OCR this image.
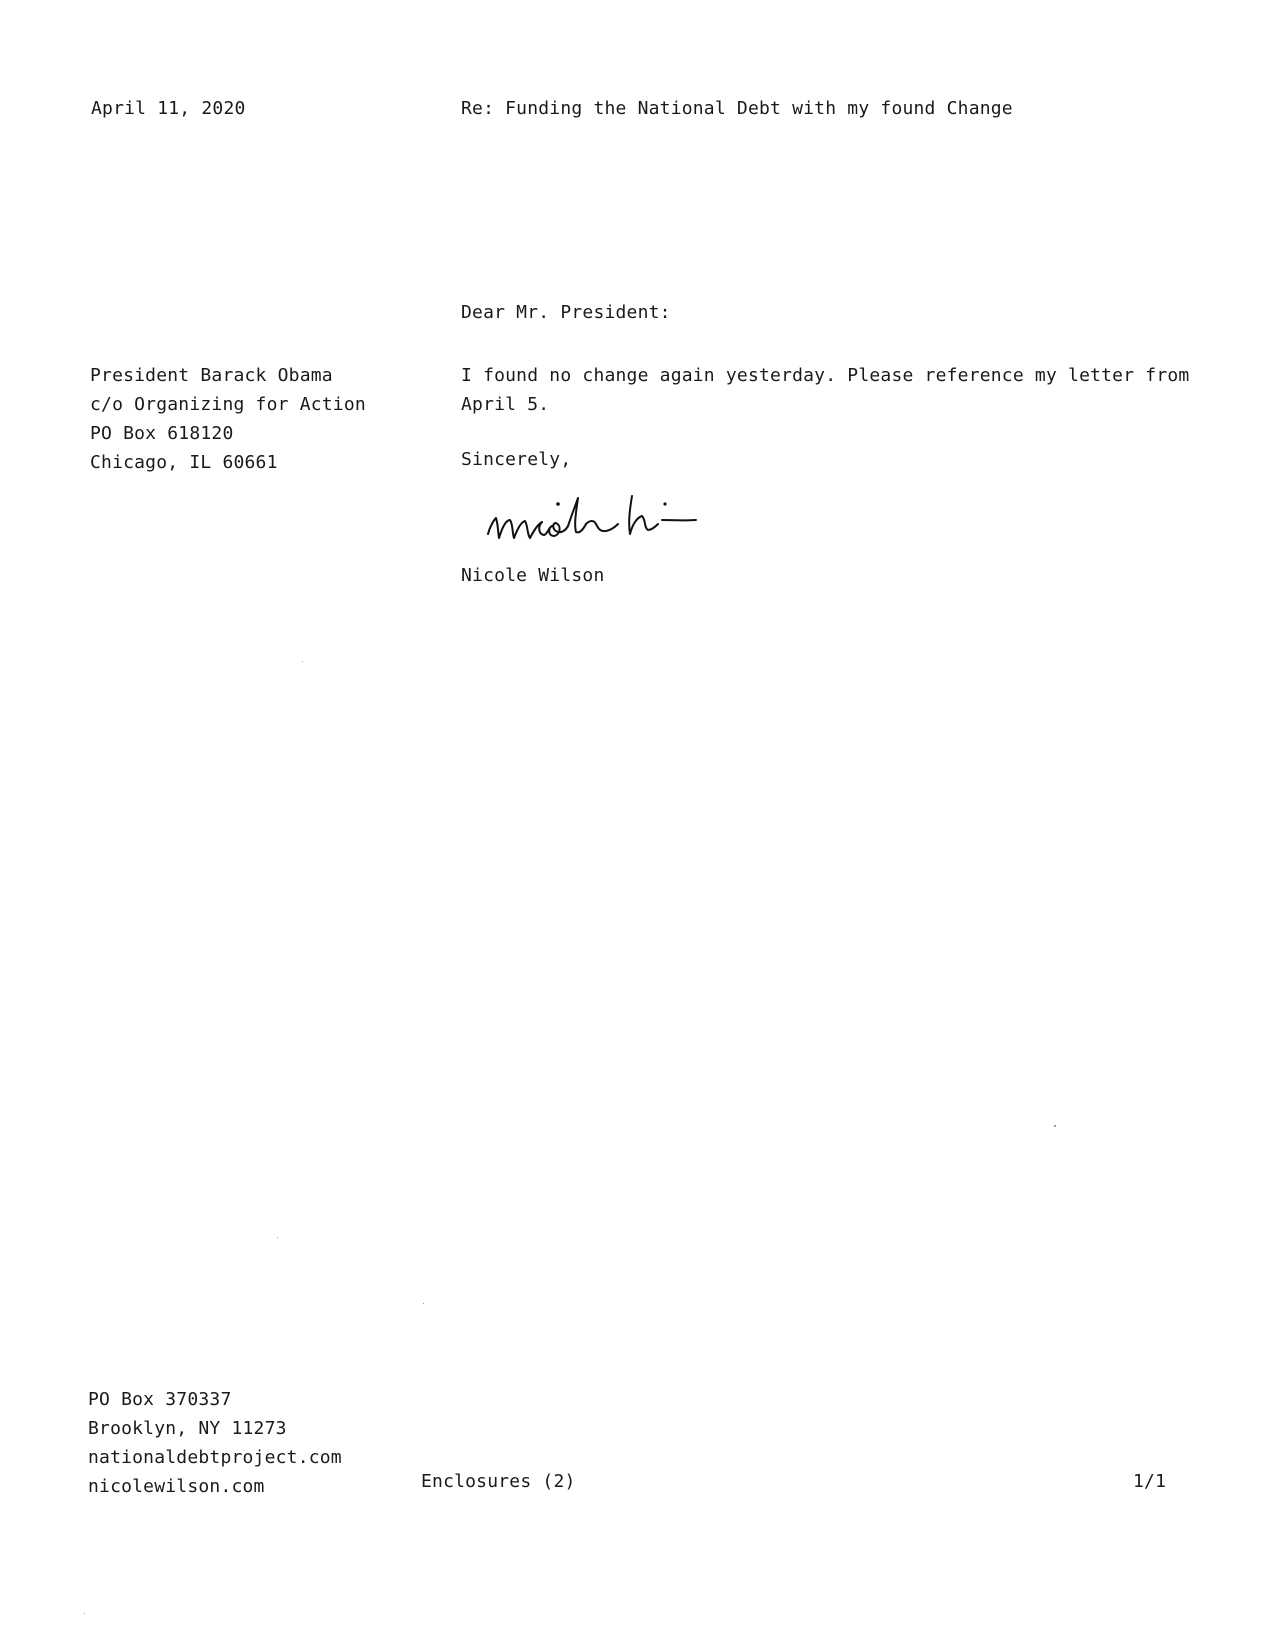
April 11, 2020	Re: Funding the National Debt with my found Change
Dear Mr. President:
President Barack Obama
c/o Organizing for Action
PO Box 618120
Chicago, IL 60661
I found no change again yesterday. Please reference my letter from
April 5.
Sincerely,
Nicole Wilson
PO Box 370337
Brooklyn, NY 11273
nationaldebtproject.com
nicolewilson.com	Enclosures (2)	1/1
